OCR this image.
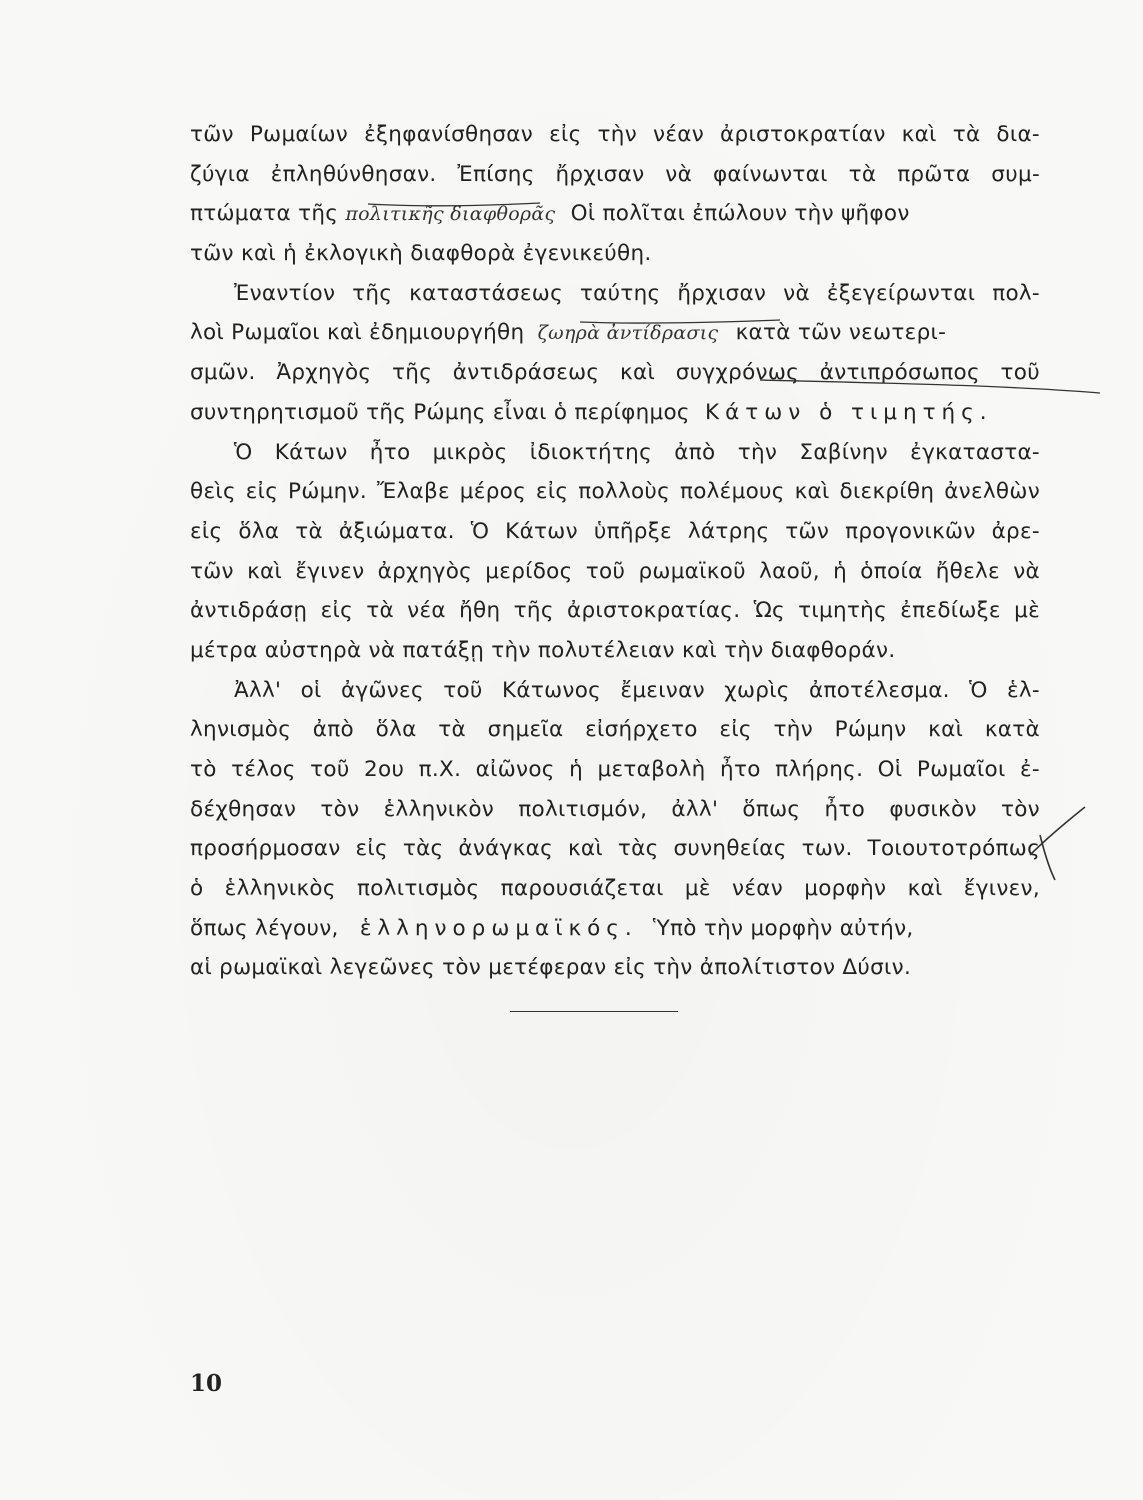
τῶν Ρωμαίων ἐξηφανίσθησαν εἰς τὴν νέαν ἀριστοκρατίαν καὶ τὰ δια-
ζύγια ἐπληθύνθησαν. Ἐπίσης ἤρχισαν νὰ φαίνωνται τὰ πρῶτα συμ-
πτώματα τῆς πολιτικῆς διαφθορᾶς Οἱ πολῖται ἐπώλουν τὴν ψῆφον
τῶν καὶ ἡ ἐκλογικὴ διαφθορὰ ἐγενικεύθη.
Ἐναντίον τῆς καταστάσεως ταύτης ἤρχισαν νὰ ἐξεγείρωνται πολ-
λοὶ Ρωμαῖοι καὶ ἐδημιουργήθη ζωηρὰ ἀντίδρασις κατὰ τῶν νεωτερι-
σμῶν. Ἀρχηγὸς τῆς ἀντιδράσεως καὶ συγχρόνως ἀντιπρόσωπος τοῦ
συντηρητισμοῦ τῆς Ρώμης εἶναι ὁ περίφημος Κάτων ὁ τιμητής.
Ὁ Κάτων ἦτο μικρὸς ἰδιοκτήτης ἀπὸ τὴν Σαβίνην ἐγκαταστα-
θεὶς εἰς Ρώμην. Ἔλαβε μέρος εἰς πολλοὺς πολέμους καὶ διεκρίθη ἀνελθὼν
εἰς ὅλα τὰ ἀξιώματα. Ὁ Κάτων ὑπῆρξε λάτρης τῶν προγονικῶν ἀρε-
τῶν καὶ ἔγινεν ἀρχηγὸς μερίδος τοῦ ρωμαϊκοῦ λαοῦ, ἡ ὁποία ἤθελε νὰ
ἀντιδράσῃ εἰς τὰ νέα ἤθη τῆς ἀριστοκρατίας. Ὡς τιμητὴς ἐπεδίωξε μὲ
μέτρα αὐστηρὰ νὰ πατάξῃ τὴν πολυτέλειαν καὶ τὴν διαφθοράν.
Ἀλλ' οἱ ἀγῶνες τοῦ Κάτωνος ἔμειναν χωρὶς ἀποτέλεσμα. Ὁ ἑλ-
ληνισμὸς ἀπὸ ὅλα τὰ σημεῖα εἰσήρχετο εἰς τὴν Ρώμην καὶ κατὰ
τὸ τέλος τοῦ 2ου π.Χ. αἰῶνος ἡ μεταβολὴ ἦτο πλήρης. Οἱ Ρωμαῖοι ἐ-
δέχθησαν τὸν ἑλληνικὸν πολιτισμόν, ἀλλ' ὅπως ἦτο φυσικὸν τὸν
προσήρμοσαν εἰς τὰς ἀνάγκας καὶ τὰς συνηθείας των. Τοιουτοτρόπως
ὁ ἑλληνικὸς πολιτισμὸς παρουσιάζεται μὲ νέαν μορφὴν καὶ ἔγινεν,
ὅπως λέγουν, ἑλληνορωμαϊκός. Ὑπὸ τὴν μορφὴν αὐτήν,
αἱ ρωμαϊκαὶ λεγεῶνες τὸν μετέφεραν εἰς τὴν ἀπολίτιστον Δύσιν.
10
